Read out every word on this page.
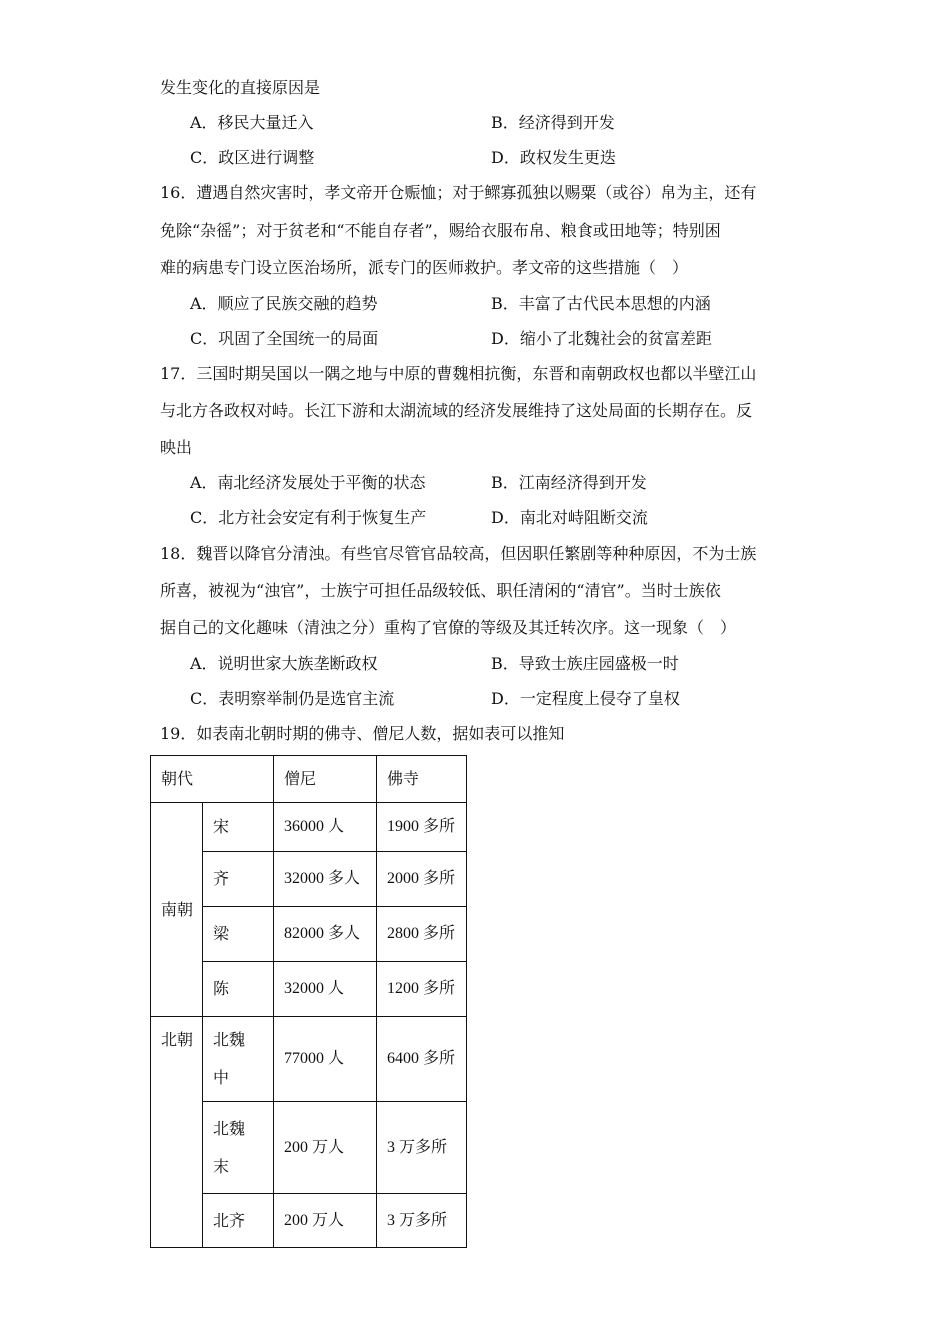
发生变化的直接原因是
A．移民大量迁入	B．经济得到开发
C．政区进行调整	D．政权发生更迭
16．遭遇自然灾害时，孝文帝开仓赈恤；对于鳏寡孤独以赐粟（或谷）帛为主，还有
免除“杂徭”；对于贫老和“不能自存者”，赐给衣服布帛、粮食或田地等；特别困
难的病患专门设立医治场所，派专门的医师救护。孝文帝的这些措施（　）
A．顺应了民族交融的趋势	B．丰富了古代民本思想的内涵
C．巩固了全国统一的局面	D．缩小了北魏社会的贫富差距
17．三国时期吴国以一隅之地与中原的曹魏相抗衡，东晋和南朝政权也都以半壁江山
与北方各政权对峙。长江下游和太湖流域的经济发展维持了这处局面的长期存在。反
映出
A．南北经济发展处于平衡的状态	B．江南经济得到开发
C．北方社会安定有利于恢复生产	D．南北对峙阻断交流
18．魏晋以降官分清浊。有些官尽管官品较高，但因职任繁剧等种种原因，不为士族
所喜，被视为“浊官”，士族宁可担任品级较低、职任清闲的“清官”。当时士族依
据自己的文化趣味（清浊之分）重构了官僚的等级及其迁转次序。这一现象（　）
A．说明世家大族垄断政权	B．导致士族庄园盛极一时
C．表明察举制仍是选官主流	D．一定程度上侵夺了皇权
19．如表南北朝时期的佛寺、僧尼人数，据如表可以推知
朝代		僧尼	佛寺
南朝	宋	36000 人	1900 多所
	齐	32000 多人	2000 多所
	梁	82000 多人	2800 多所
	陈	32000 人	1200 多所
北朝	北魏中	77000 人	6400 多所
	北魏末	200 万人	3 万多所
	北齐	200 万人	3 万多所
